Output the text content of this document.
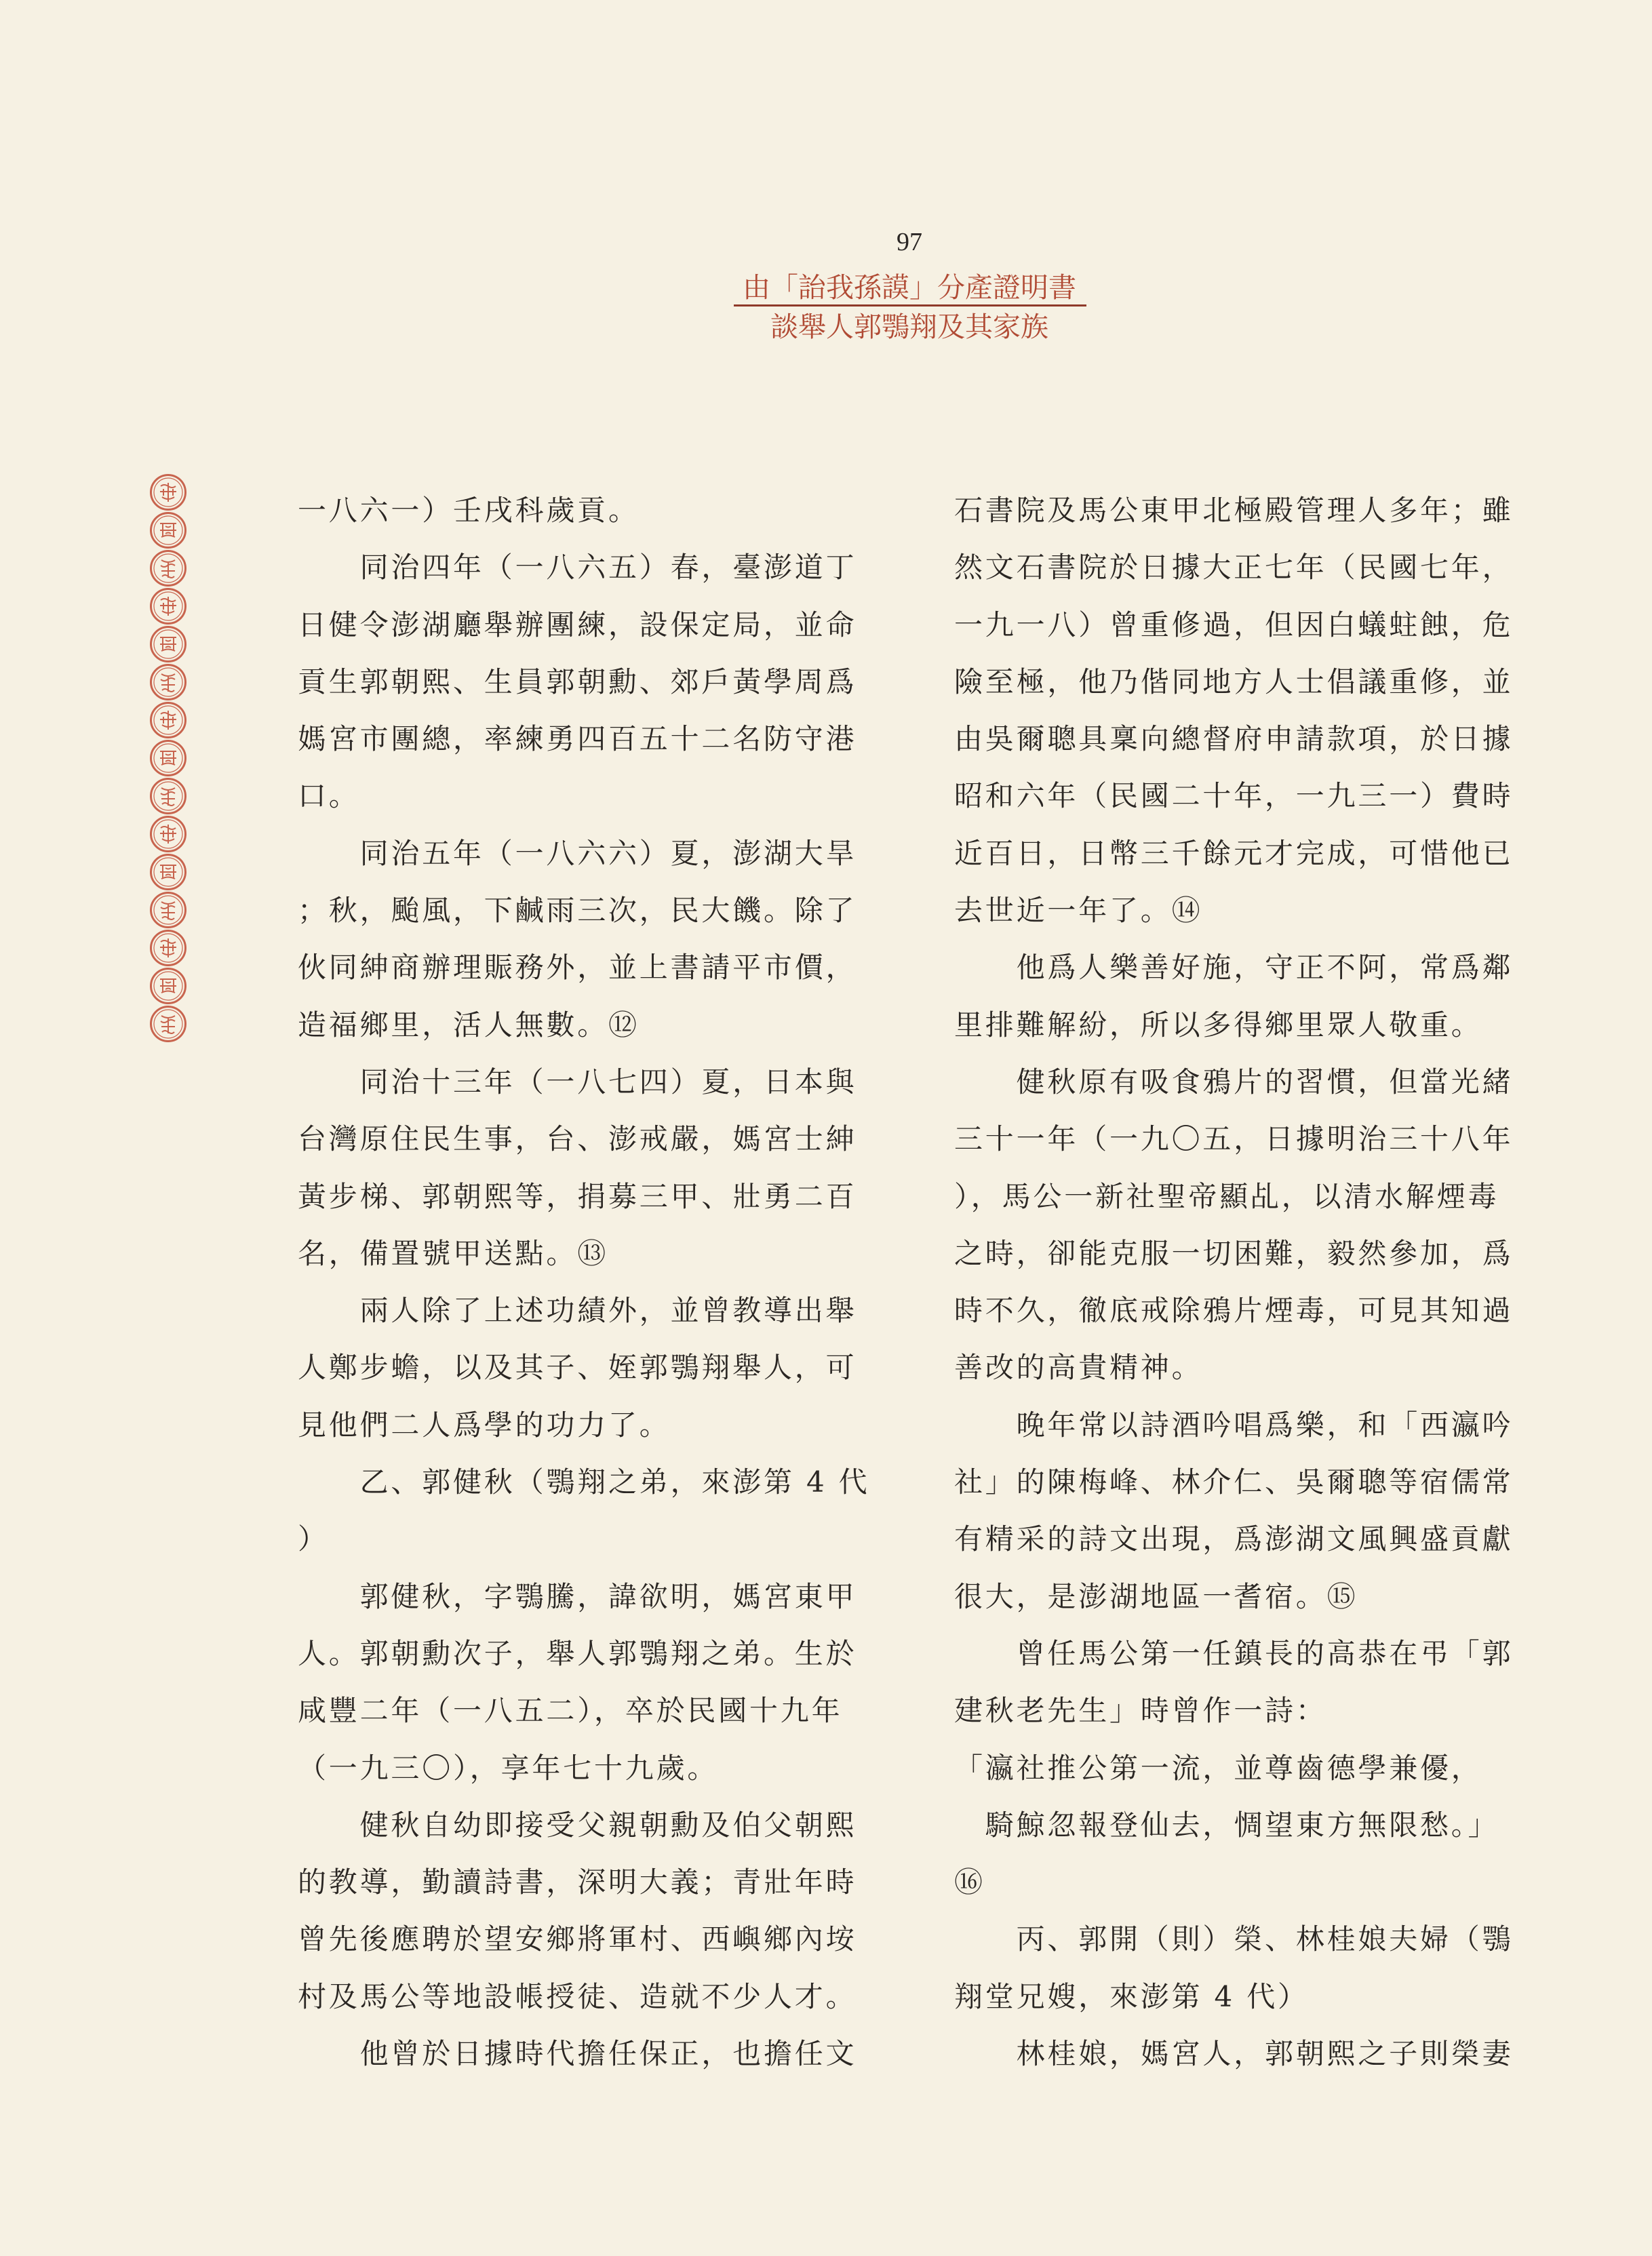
97
由「詒我孫謨」分產證明書
談舉人郭鶚翔及其家族
一八六一）壬戌科歲貢。
同治四年（一八六五）春，臺澎道丁
日健令澎湖廳舉辦團練，設保定局，並命
貢生郭朝熙、生員郭朝勳、郊戶黃學周爲
媽宮市團總，率練勇四百五十二名防守港
口。
同治五年（一八六六）夏，澎湖大旱
；秋，颱風，下鹹雨三次，民大饑。除了
伙同紳商辦理賑務外，並上書請平市價，
造福鄉里，活人無數。⑫
同治十三年（一八七四）夏，日本與
台灣原住民生事，台、澎戒嚴，媽宮士紳
黃步梯、郭朝熙等，捐募三甲、壯勇二百
名，備置號甲送點。⑬
兩人除了上述功績外，並曾教導出舉
人鄭步蟾，以及其子、姪郭鶚翔舉人，可
見他們二人爲學的功力了。
乙、郭健秋（鶚翔之弟，來澎第 4 代
）
郭健秋，字鶚騰，諱欲明，媽宮東甲
人。郭朝勳次子，舉人郭鶚翔之弟。生於
咸豐二年（一八五二），卒於民國十九年
（一九三〇），享年七十九歲。
健秋自幼即接受父親朝勳及伯父朝熙
的教導，勤讀詩書，深明大義；青壯年時
曾先後應聘於望安鄉將軍村、西嶼鄉內垵
村及馬公等地設帳授徒、造就不少人才。
他曾於日據時代擔任保正，也擔任文
石書院及馬公東甲北極殿管理人多年；雖
然文石書院於日據大正七年（民國七年，
一九一八）曾重修過，但因白蟻蛀蝕，危
險至極，他乃偕同地方人士倡議重修，並
由吳爾聰具稟向總督府申請款項，於日據
昭和六年（民國二十年，一九三一）費時
近百日，日幣三千餘元才完成，可惜他已
去世近一年了。⑭
他爲人樂善好施，守正不阿，常爲鄰
里排難解紛，所以多得鄉里眾人敬重。
健秋原有吸食鴉片的習慣，但當光緒
三十一年（一九〇五，日據明治三十八年
），馬公一新社聖帝顯乩，以清水解煙毒
之時，卻能克服一切困難，毅然參加，爲
時不久，徹底戒除鴉片煙毒，可見其知過
善改的高貴精神。
晚年常以詩酒吟唱爲樂，和「西瀛吟
社」的陳梅峰、林介仁、吳爾聰等宿儒常
有精采的詩文出現，爲澎湖文風興盛貢獻
很大，是澎湖地區一耆宿。⑮
曾任馬公第一任鎮長的高恭在弔「郭
建秋老先生」時曾作一詩：
「瀛社推公第一流，並尊齒德學兼優，
騎鯨忽報登仙去，惆望東方無限愁。」
⑯
丙、郭開（則）榮、林桂娘夫婦（鶚
翔堂兄嫂，來澎第 4 代）
林桂娘，媽宮人，郭朝熙之子則榮妻
